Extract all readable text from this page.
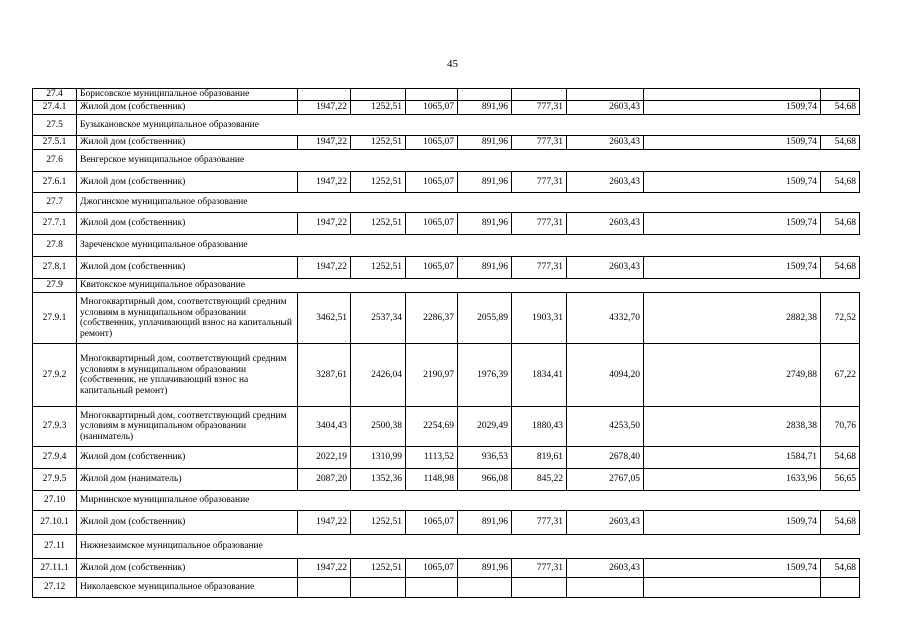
45
27.4	Борисовское муниципальное образование								
27.4.1	Жилой дом (собственник)	1947,22	1252,51	1065,07	891,96	777,31	2603,43	1509,74	54,68
27.5	Бузыкановское муниципальное образование								
27.5.1	Жилой дом (собственник)	1947,22	1252,51	1065,07	891,96	777,31	2603,43	1509,74	54,68
27.6	Венгерское муниципальное образование								
27.6.1	Жилой дом (собственник)	1947,22	1252,51	1065,07	891,96	777,31	2603,43	1509,74	54,68
27.7	Джогинское муниципальное образование								
27.7.1	Жилой дом (собственник)	1947,22	1252,51	1065,07	891,96	777,31	2603,43	1509,74	54,68
27.8	Зареченское муниципальное образование								
27.8.1	Жилой дом (собственник)	1947,22	1252,51	1065,07	891,96	777,31	2603,43	1509,74	54,68
27.9	Квитокское муниципальное образование								
27.9.1	Многоквартирный дом, соответствующий средним условиям в муниципальном образовании (собственник, уплачивающий взнос на капитальный ремонт)	3462,51	2537,34	2286,37	2055,89	1903,31	4332,70	2882,38	72,52
27.9.2	Многоквартирный дом, соответствующий средним условиям в муниципальном образовании (собственник, не уплачивающий взнос на капитальный ремонт)	3287,61	2426,04	2190,97	1976,39	1834,41	4094,20	2749,88	67,22
27.9.3	Многоквартирный дом, соответствующий средним условиям в муниципальном образовании (наниматель)	3404,43	2500,38	2254,69	2029,49	1880,43	4253,50	2838,38	70,76
27.9.4	Жилой дом (собственник)	2022,19	1310,99	1113,52	936,53	819,61	2678,40	1584,71	54,68
27.9.5	Жилой дом (наниматель)	2087,20	1352,36	1148,98	966,08	845,22	2767,05	1633,96	56,65
27.10	Мирнинское муниципальное образование								
27.10.1	Жилой дом (собственник)	1947,22	1252,51	1065,07	891,96	777,31	2603,43	1509,74	54,68
27.11	Нижнезаимское муниципальное образование								
27.11.1	Жилой дом (собственник)	1947,22	1252,51	1065,07	891,96	777,31	2603,43	1509,74	54,68
27.12	Николаевское муниципальное образование								
